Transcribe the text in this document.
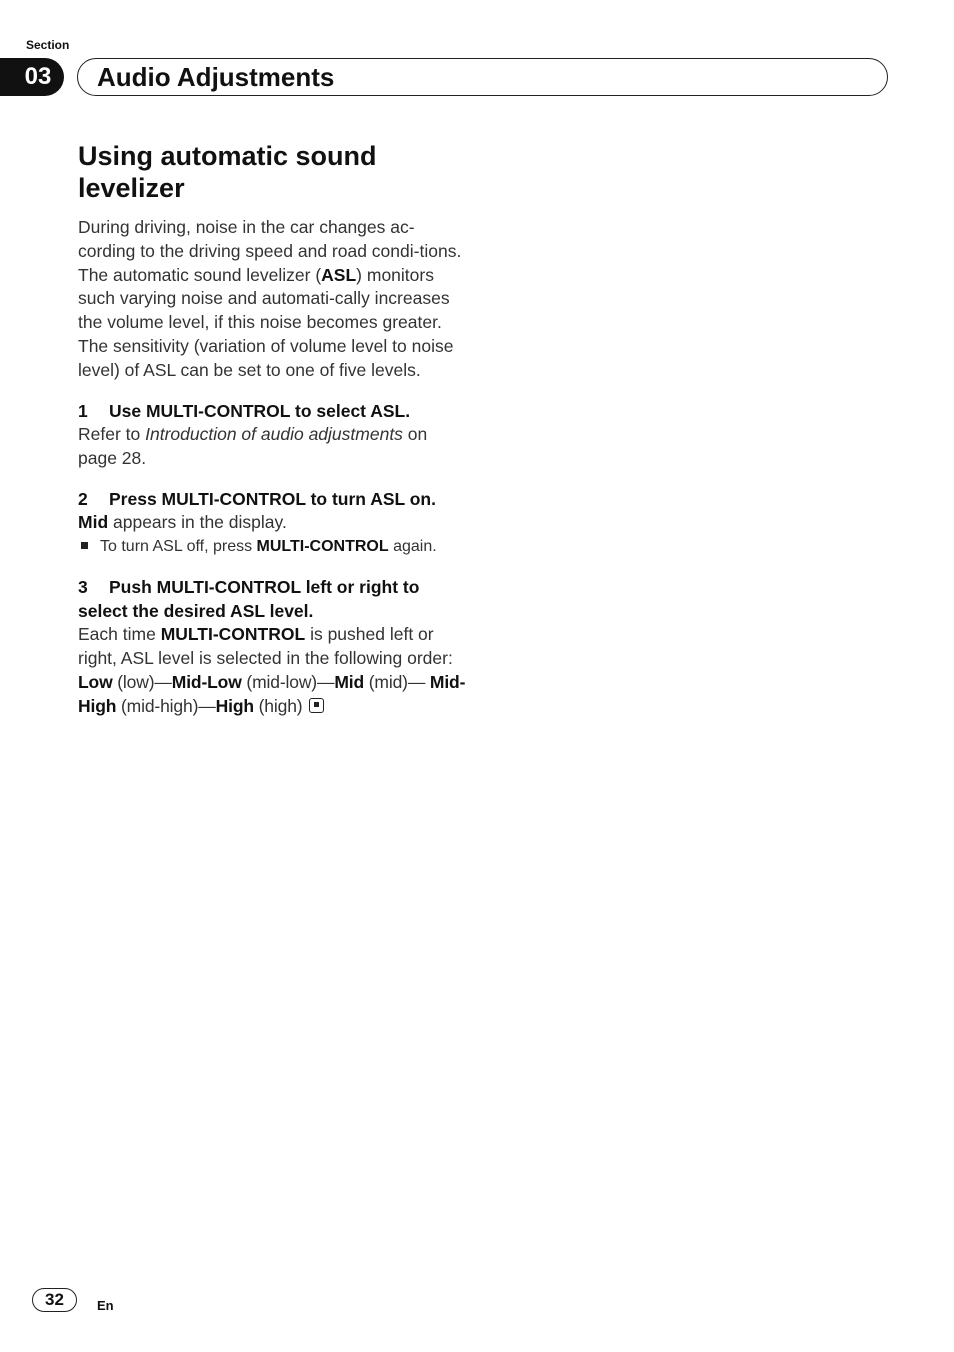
Section
03	Audio Adjustments
Using automatic sound levelizer

During driving, noise in the car changes ac-cording to the driving speed and road condi-tions. The automatic sound levelizer (ASL) monitors such varying noise and automati-cally increases the volume level, if this noise becomes greater. The sensitivity (variation of volume level to noise level) of ASL can be set to one of five levels.

1 Use MULTI-CONTROL to select ASL.

Refer to Introduction of audio adjustments on page 28.

2 Press MULTI-CONTROL to turn ASL on.

Mid appears in the display.

To turn ASL off, press MULTI-CONTROL again.

3 Push MULTI-CONTROL left or right to select the desired ASL level.

Each time MULTI-CONTROL is pushed left or right, ASL level is selected in the following order:

Low (low)—Mid-Low (mid-low)—Mid (mid)— Mid-High (mid-high)—High (high)

32	En
